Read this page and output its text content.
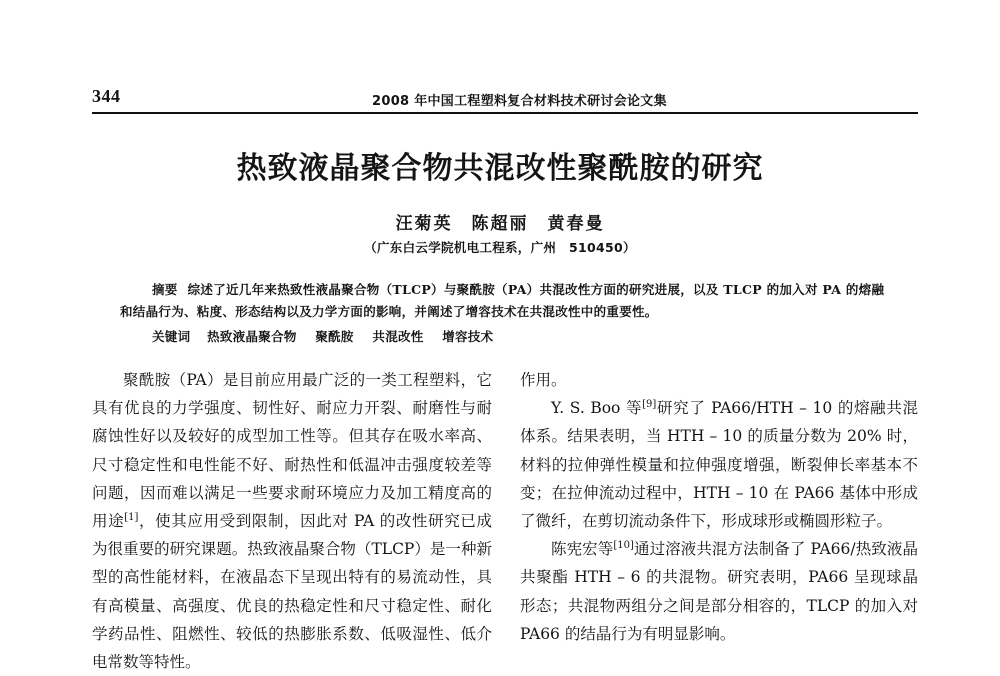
344	2008 年中国工程塑料复合材料技术研讨会论文集
热致液晶聚合物共混改性聚酰胺的研究
汪菊英　陈超丽　黄春曼
（广东白云学院机电工程系，广州　510450）
摘要 综述了近几年来热致性液晶聚合物（TLCP）与聚酰胺（PA）共混改性方面的研究进展，以及 TLCP 的加入对 PA 的熔融和结晶行为、粘度、形态结构以及力学方面的影响，并阐述了增容技术在共混改性中的重要性。
关键词 热致液晶聚合物 聚酰胺 共混改性 增容技术

聚酰胺（PA）是目前应用最广泛的一类工程塑料，它具有优良的力学强度、韧性好、耐应力开裂、耐磨性与耐腐蚀性好以及较好的成型加工性等。但其存在吸水率高、尺寸稳定性和电性能不好、耐热性和低温冲击强度较差等问题，因而难以满足一些要求耐环境应力及加工精度高的用途[1]，使其应用受到限制，因此对 PA 的改性研究已成为很重要的研究课题。热致液晶聚合物（TLCP）是一种新型的高性能材料，在液晶态下呈现出特有的易流动性，具有高模量、高强度、优良的热稳定性和尺寸稳定性、耐化学药品性、阻燃性、较低的热膨胀系数、低吸湿性、低介电常数等特性。

作用。

Y. S. Boo 等[9]研究了 PA66/HTH – 10 的熔融共混体系。结果表明，当 HTH – 10 的质量分数为 20% 时，材料的拉伸弹性模量和拉伸强度增强，断裂伸长率基本不变；在拉伸流动过程中，HTH – 10 在 PA66 基体中形成了微纤，在剪切流动条件下，形成球形或椭圆形粒子。

陈宪宏等[10]通过溶液共混方法制备了 PA66/热致液晶共聚酯 HTH – 6 的共混物。研究表明，PA66 呈现球晶形态；共混物两组分之间是部分相容的，TLCP 的加入对 PA66 的结晶行为有明显影响。
